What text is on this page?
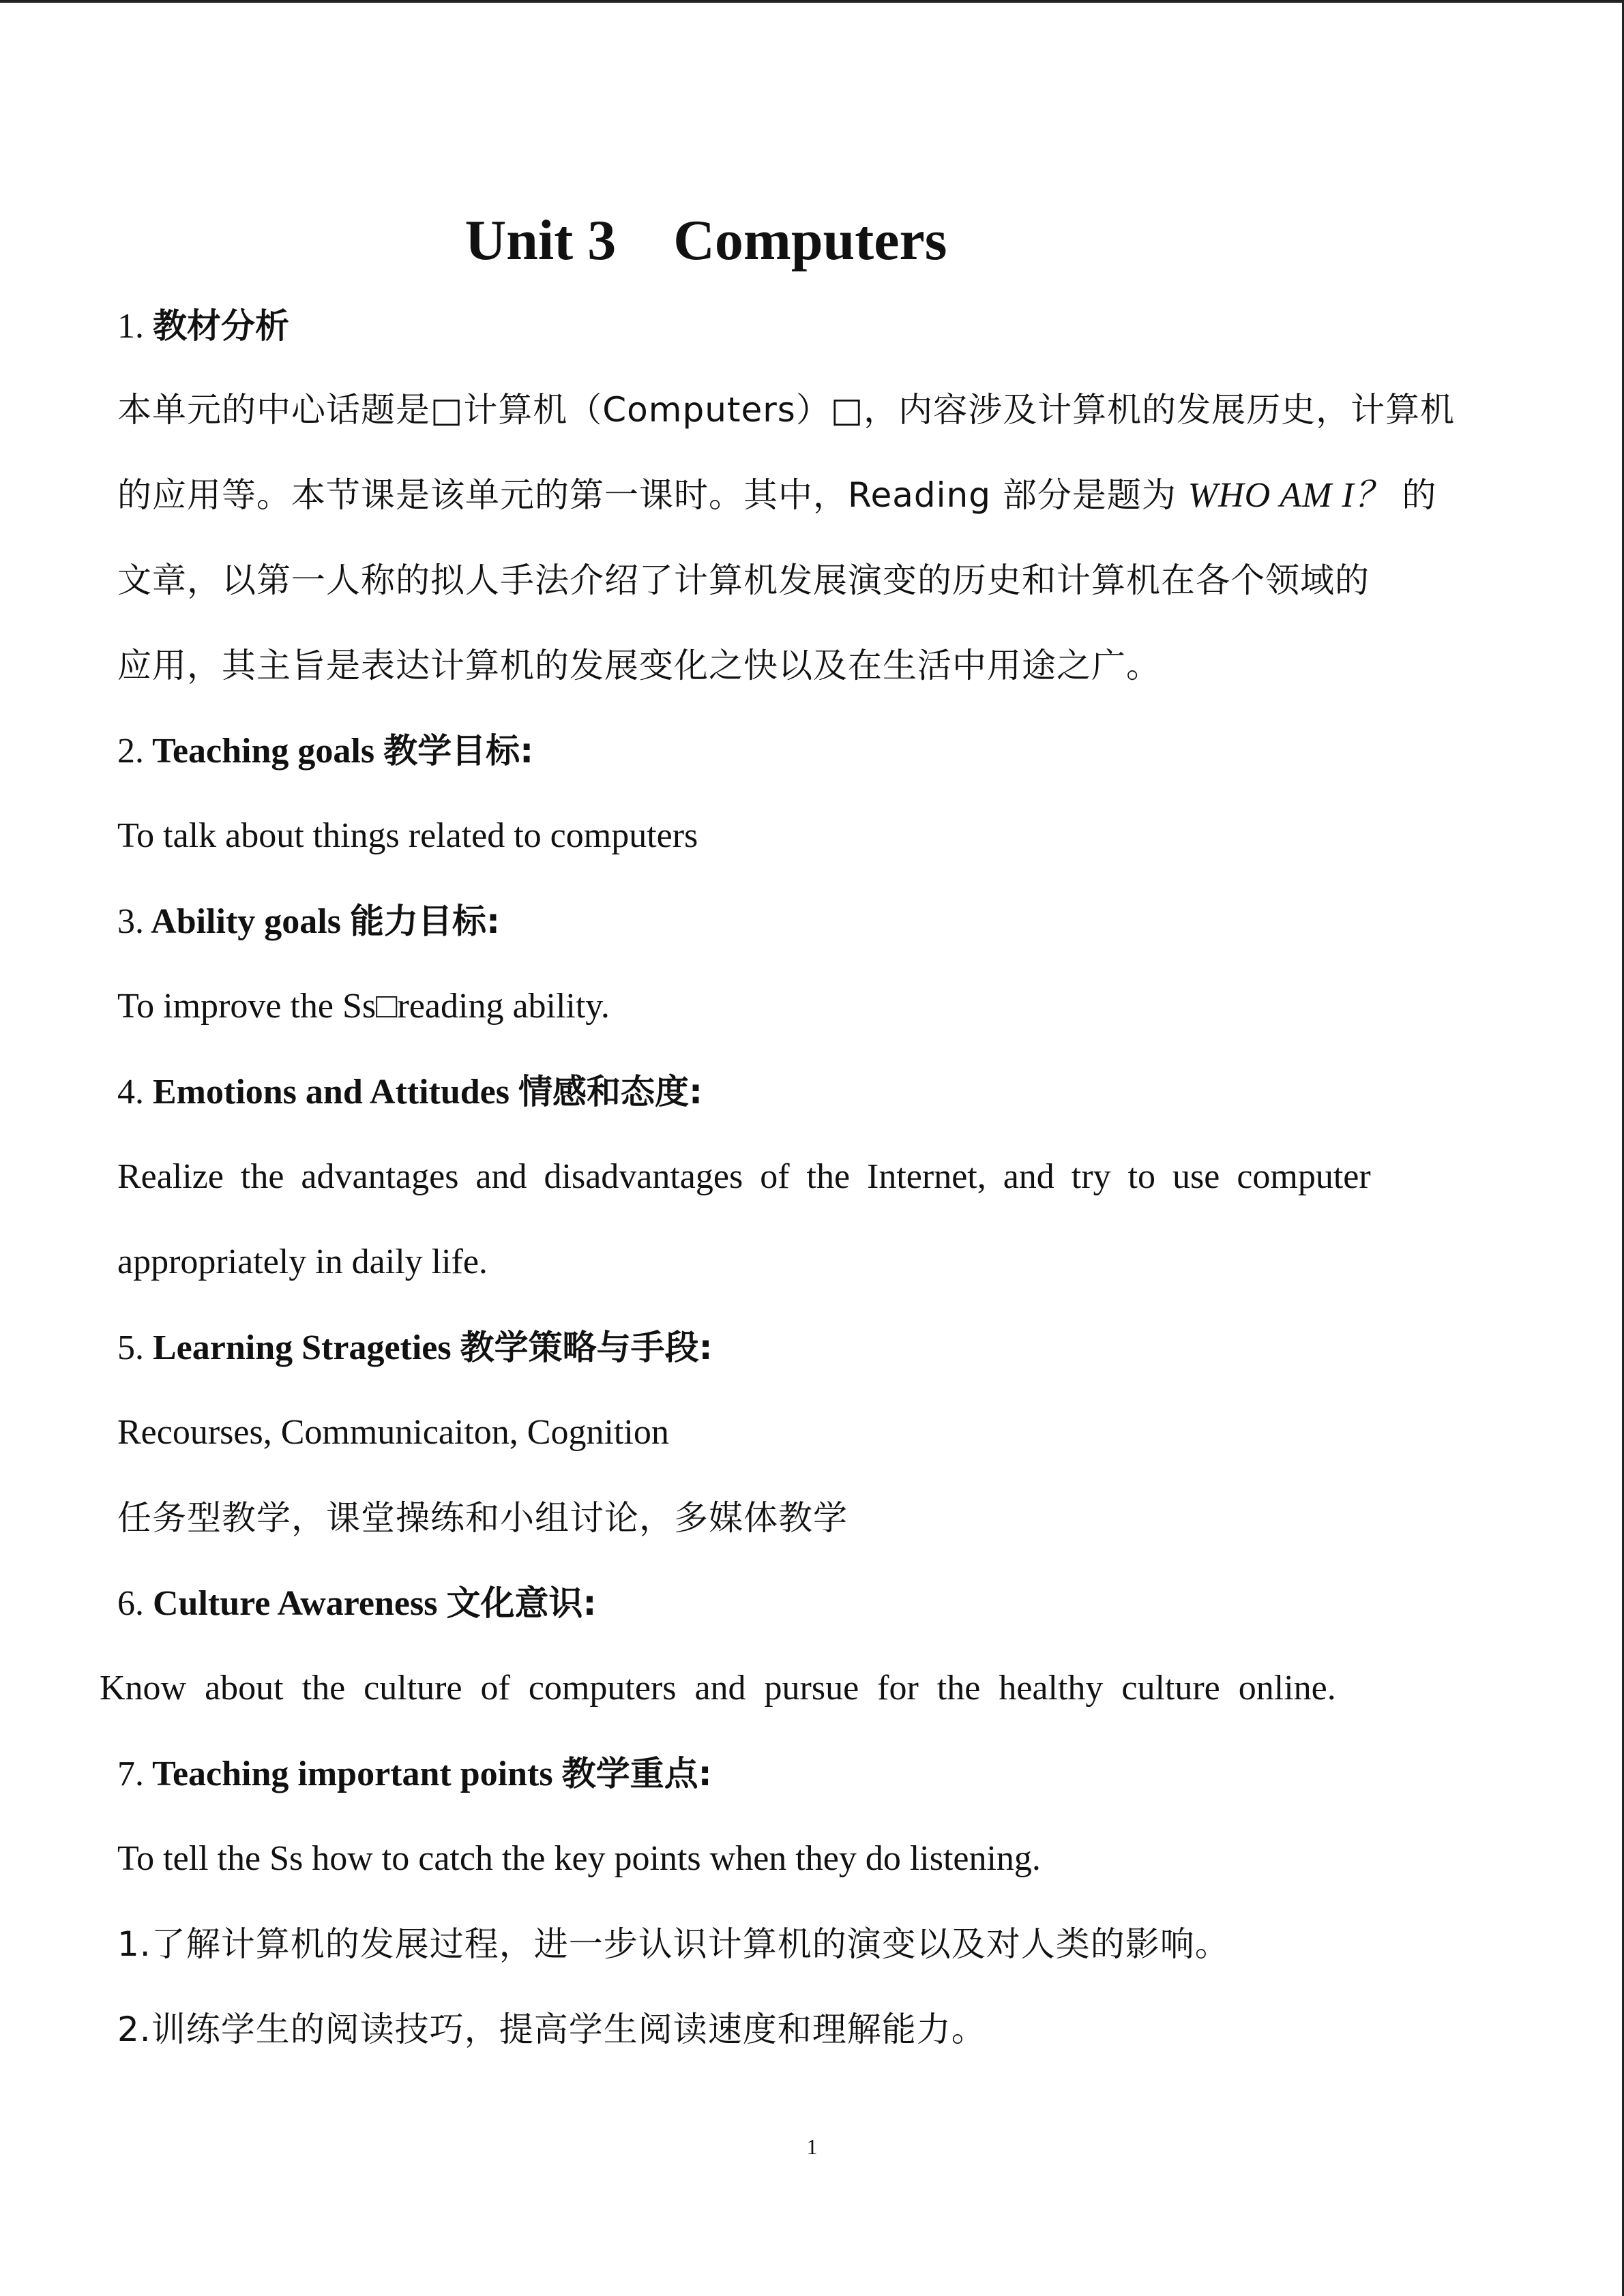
Unit 3    Computers
1. 教材分析
本单元的中心话题是□计算机（Computers）□，内容涉及计算机的发展历史，计算机
的应用等。本节课是该单元的第一课时。其中，Reading 部分是题为 WHO AM I？ 的
文章，以第一人称的拟人手法介绍了计算机发展演变的历史和计算机在各个领域的
应用，其主旨是表达计算机的发展变化之快以及在生活中用途之广。
2. Teaching goals 教学目标:
To talk about things related to computers
3. Ability goals 能力目标:
To improve the Ss□reading ability.
4. Emotions and Attitudes 情感和态度:
Realize the advantages and disadvantages of the Internet, and try to use computer
appropriately in daily life.
5. Learning Strageties 教学策略与手段:
Recourses, Communicaiton, Cognition
任务型教学，课堂操练和小组讨论，多媒体教学
6. Culture Awareness 文化意识:
Know about the culture of computers and pursue for the healthy culture online.
7. Teaching important points 教学重点:
To tell the Ss how to catch the key points when they do listening.
1.了解计算机的发展过程，进一步认识计算机的演变以及对人类的影响。
2.训练学生的阅读技巧，提高学生阅读速度和理解能力。
1
